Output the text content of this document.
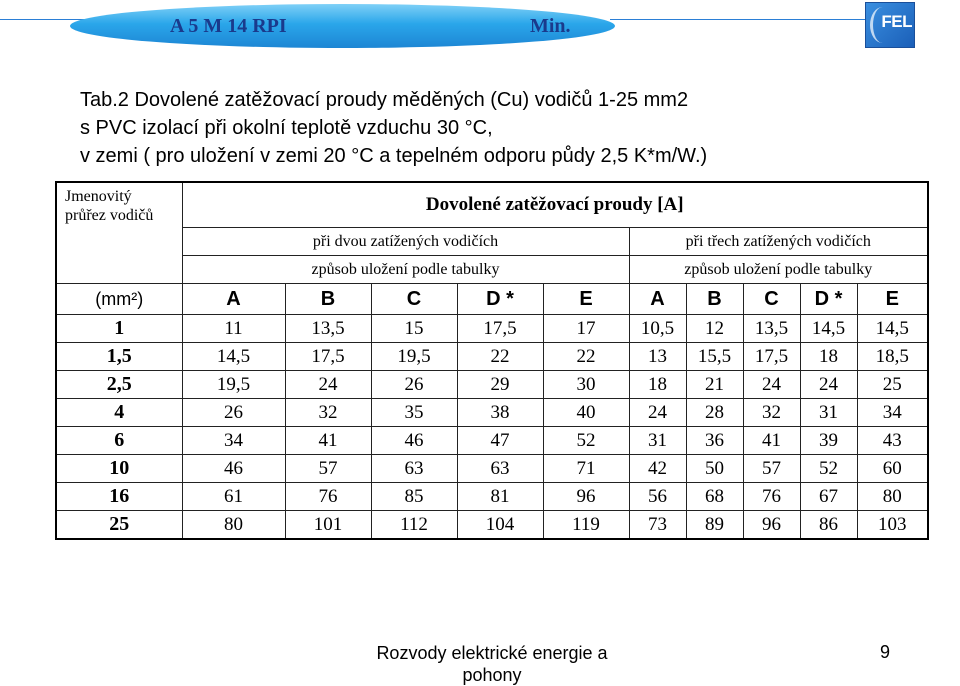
A 5 M 14 RPI	Min.	FEL
Tab.2 Dovolené zatěžovací proudy měděných (Cu) vodičů 1-25 mm2
s PVC izolací při okolní teplotě vzduchu 30 °C,
v zemi ( pro uložení v zemi 20 °C a tepelném odporu půdy 2,5 K*m/W.)
Jmenovitý
průřez vodičů	Dovolené zatěžovací proudy [A]									
	při dvou zatížených vodičích					při třech zatížených vodičích				
	způsob uložení podle tabulky					způsob uložení podle tabulky				
(mm²)	A	B	C	D *	E	A	B	C	D *	E
1	11	13,5	15	17,5	17	10,5	12	13,5	14,5	14,5
1,5	14,5	17,5	19,5	22	22	13	15,5	17,5	18	18,5
2,5	19,5	24	26	29	30	18	21	24	24	25
4	26	32	35	38	40	24	28	32	31	34
6	34	41	46	47	52	31	36	41	39	43
10	46	57	63	63	71	42	50	57	52	60
16	61	76	85	81	96	56	68	76	67	80
25	80	101	112	104	119	73	89	96	86	103
Rozvody elektrické energie a
pohony
9
